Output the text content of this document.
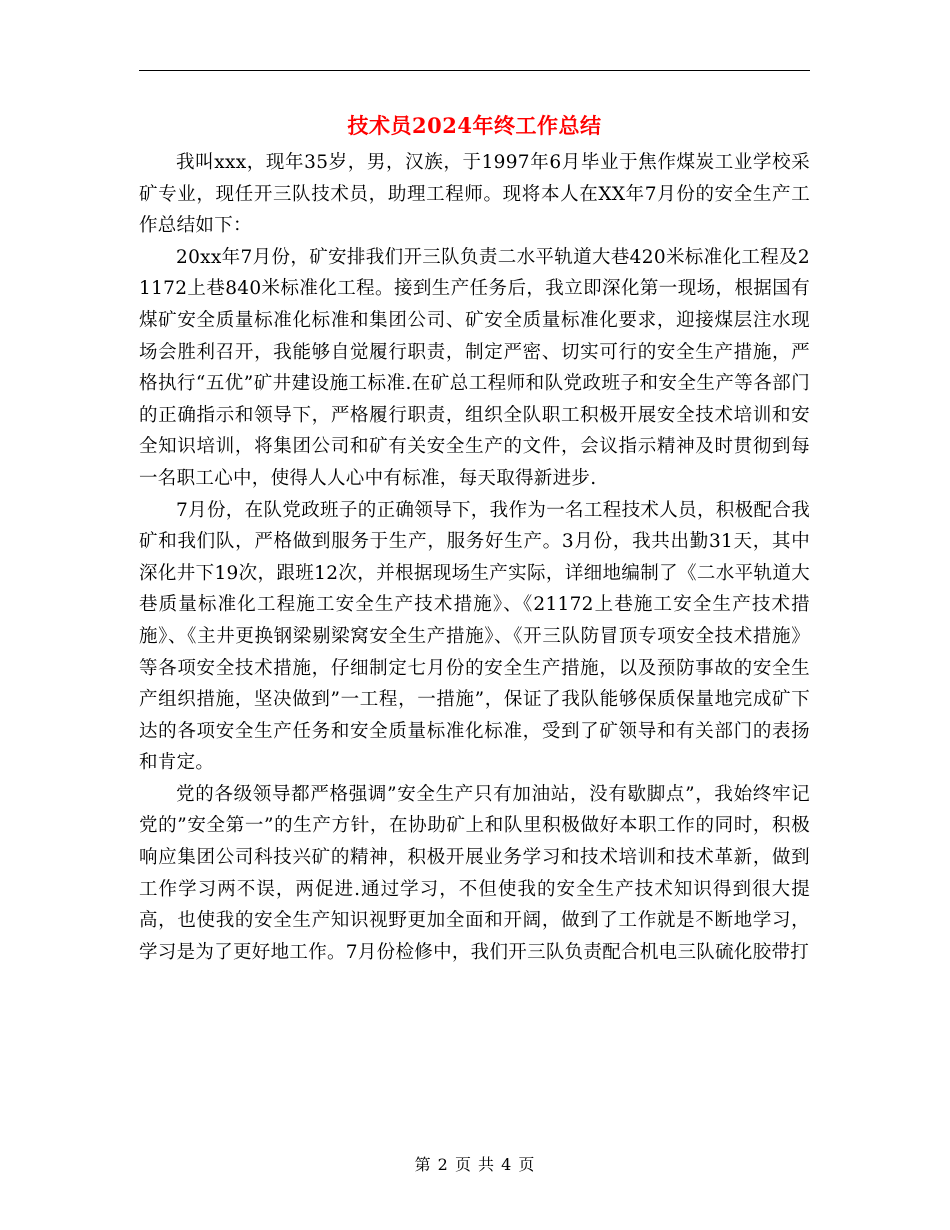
技术员2024年终工作总结

我叫xxx，现年35岁，男，汉族，于1997年6月毕业于焦作煤炭工业学校采矿专业，现任开三队技术员，助理工程师。现将本人在XX年7月份的安全生产工作总结如下：

20xx年7月份，矿安排我们开三队负责二水平轨道大巷420米标准化工程及21172上巷840米标准化工程。接到生产任务后，我立即深化第一现场，根据国有煤矿安全质量标准化标准和集团公司、矿安全质量标准化要求，迎接煤层注水现场会胜利召开，我能够自觉履行职责，制定严密、切实可行的安全生产措施，严格执行“五优”矿井建设施工标准.在矿总工程师和队党政班子和安全生产等各部门的正确指示和领导下，严格履行职责，组织全队职工积极开展安全技术培训和安全知识培训，将集团公司和矿有关安全生产的文件，会议指示精神及时贯彻到每一名职工心中，使得人人心中有标准，每天取得新进步.

7月份，在队党政班子的正确领导下，我作为一名工程技术人员，积极配合我矿和我们队，严格做到服务于生产，服务好生产。3月份，我共出勤31天，其中深化井下19次，跟班12次，并根据现场生产实际，详细地编制了《二水平轨道大巷质量标准化工程施工安全生产技术措施》、《21172上巷施工安全生产技术措施》、《主井更换钢梁剔梁窝安全生产措施》、《开三队防冒顶专项安全技术措施》等各项安全技术措施，仔细制定七月份的安全生产措施，以及预防事故的安全生产组织措施，坚决做到”一工程，一措施”，保证了我队能够保质保量地完成矿下达的各项安全生产任务和安全质量标准化标准，受到了矿领导和有关部门的表扬和肯定。

党的各级领导都严格强调”安全生产只有加油站，没有歇脚点”，我始终牢记党的”安全第一”的生产方针，在协助矿上和队里积极做好本职工作的同时，积极响应集团公司科技兴矿的精神，积极开展业务学习和技术培训和技术革新，做到工作学习两不误，两促进.通过学习，不但使我的安全生产技术知识得到很大提高，也使我的安全生产知识视野更加全面和开阔，做到了工作就是不断地学习，学习是为了更好地工作。7月份检修中，我们开三队负责配合机电三队硫化胶带打

第 2 页 共 4 页
